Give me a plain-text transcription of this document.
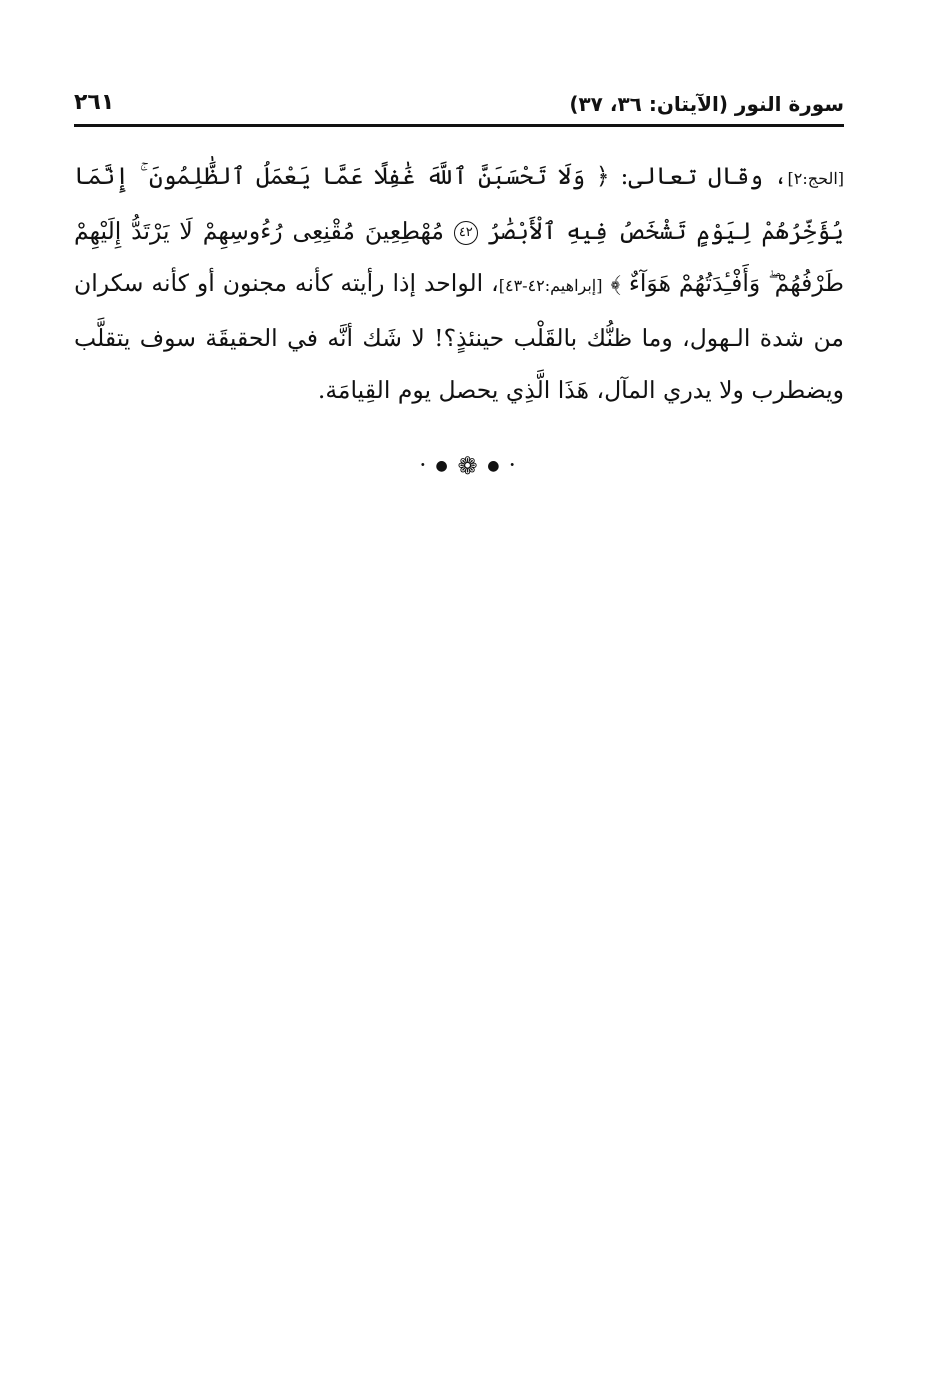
سورة النور (الآيتان: ٣٦، ٣٧)
٢٦١

[الحج:٢]، وقال تعالى: ﴿ وَلَا تَحْسَبَنَّ ٱللَّهَ غَٰفِلًا عَمَّا يَعْمَلُ ٱلظَّٰلِمُونَ ۚ إِنَّمَا يُؤَخِّرُهُمْ لِيَوْمٍ تَشْخَصُ فِيهِ ٱلْأَبْصَٰرُ ٤٢ مُهْطِعِينَ مُقْنِعِى رُءُوسِهِمْ لَا يَرْتَدُّ إِلَيْهِمْ طَرْفُهُمْ ۖ وَأَفْـِٔدَتُهُمْ هَوَآءٌ ﴾ [إبراهيم:٤٢-٤٣]، الواحد إذا رأيته كأنه مجنون أو كأنه سكران من شدة الـهول، وما ظنُّك بالقَلْب حينئذٍ؟! لا شَك أنَّه في الحقيقَة سوف يتقلَّب ويضطرب ولا يدري المآل، هَذَا الَّذِي يحصل يوم القِيامَة.

• ● ❁ ● •
